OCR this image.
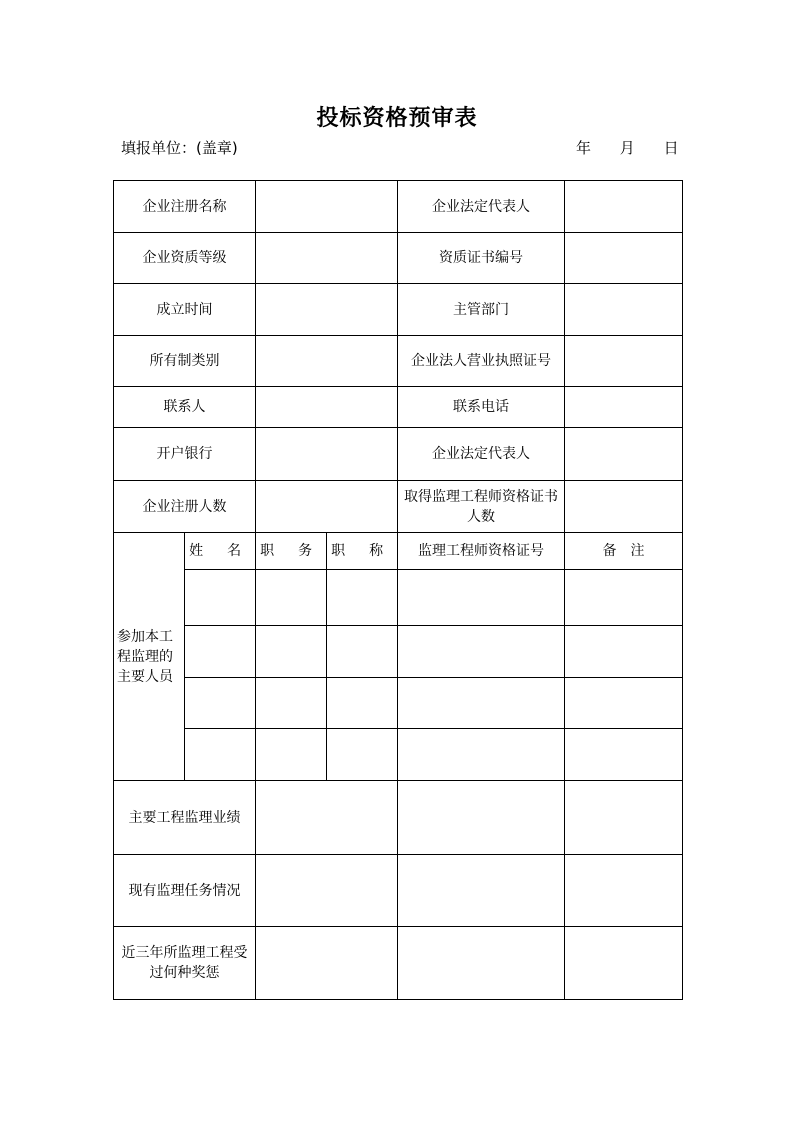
投标资格预审表
填报单位：(盖章)	年 月 日
企业注册名称				企业法定代表人	
企业资质等级				资质证书编号	
成立时间				主管部门	
所有制类别				企业法人营业执照证号	
联系人				联系电话	
开户银行				企业法定代表人	
企业注册人数				取得监理工程师资格证书人数	
参加本工程监理的主要人员	姓 名	职 务	职 称	监理工程师资格证号	备　注

主要工程监理业绩					
现有监理任务情况					
近三年所监理工程受过何种奖惩					
